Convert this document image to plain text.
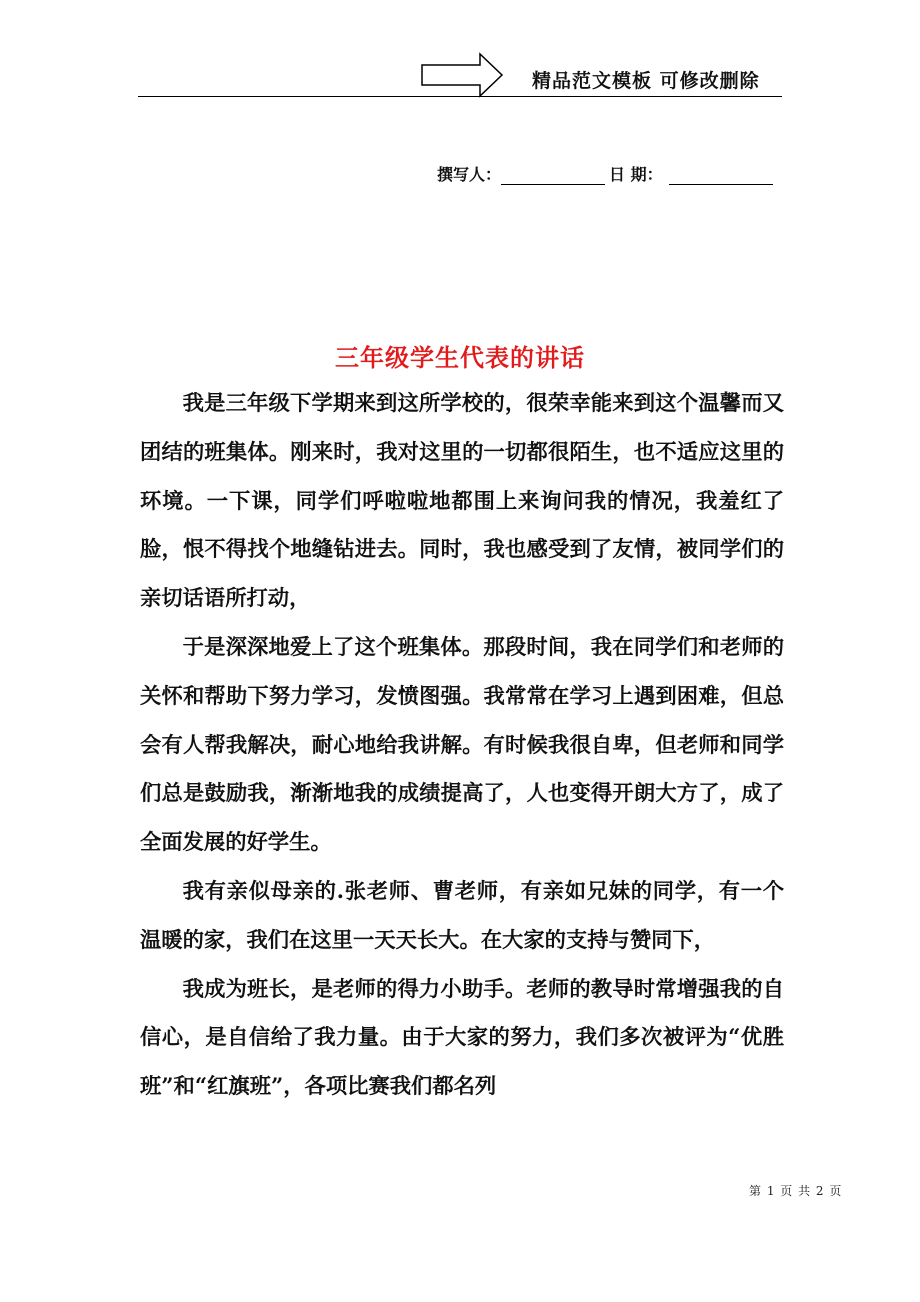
精品范文模板 可修改删除
撰写人：	日 期：
三年级学生代表的讲话

我是三年级下学期来到这所学校的，很荣幸能来到这个温馨而又团结的班集体。刚来时，我对这里的一切都很陌生，也不适应这里的环境。一下课，同学们呼啦啦地都围上来询问我的情况，我羞红了脸，恨不得找个地缝钻进去。同时，我也感受到了友情，被同学们的亲切话语所打动，

于是深深地爱上了这个班集体。那段时间，我在同学们和老师的关怀和帮助下努力学习，发愤图强。我常常在学习上遇到困难，但总会有人帮我解决，耐心地给我讲解。有时候我很自卑，但老师和同学们总是鼓励我，渐渐地我的成绩提高了，人也变得开朗大方了，成了全面发展的好学生。

我有亲似母亲的.张老师、曹老师，有亲如兄妹的同学，有一个温暖的家，我们在这里一天天长大。在大家的支持与赞同下，

我成为班长，是老师的得力小助手。老师的教导时常增强我的自信心，是自信给了我力量。由于大家的努力，我们多次被评为“优胜班”和“红旗班”，各项比赛我们都名列

第 1 页 共 2 页
